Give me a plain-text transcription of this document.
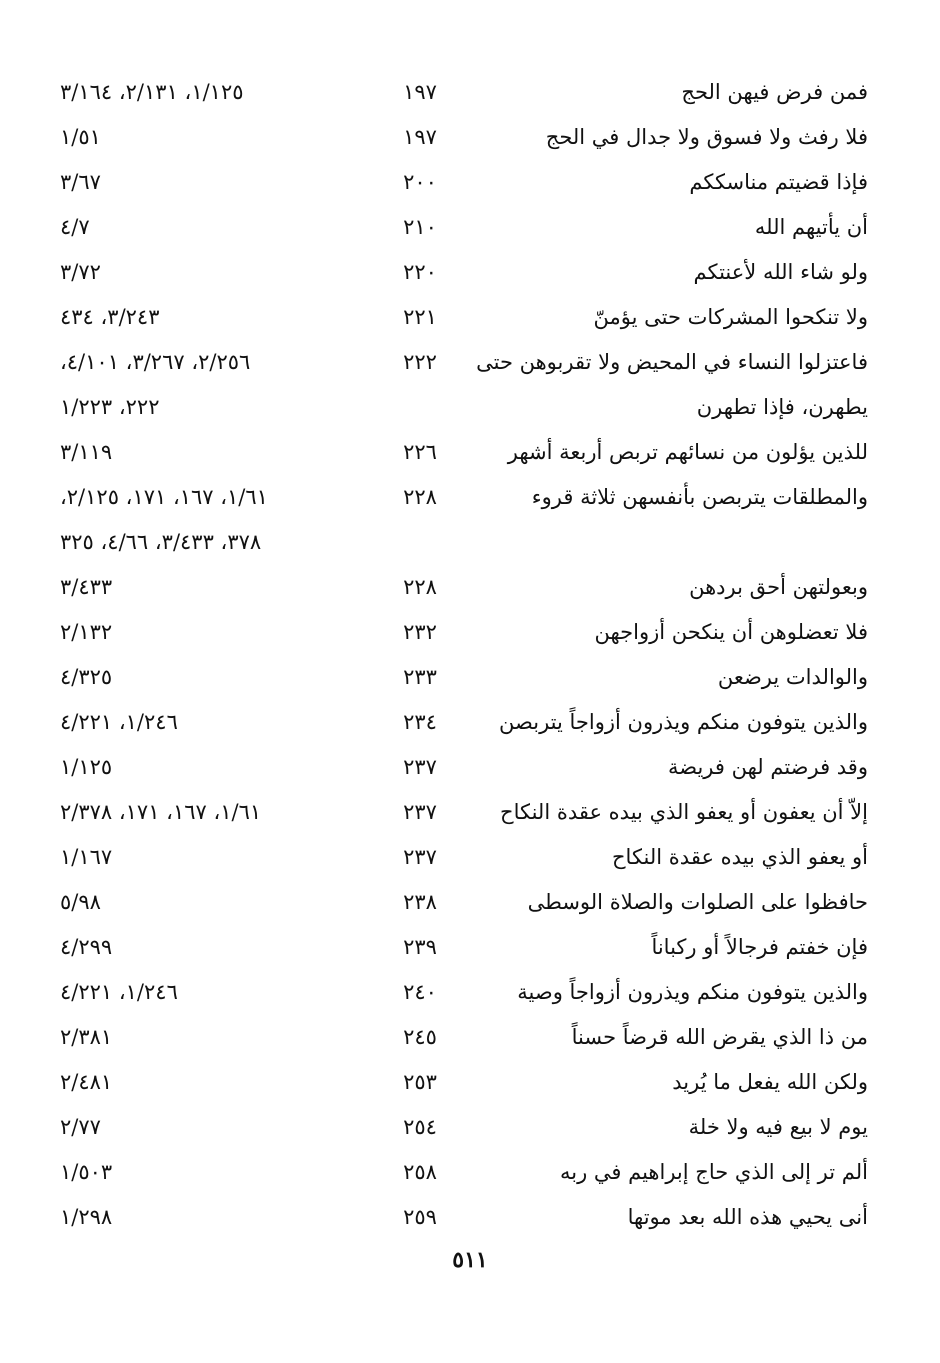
فمن فرض فيهن الحج
١٩٧
١/١٢٥، ٢/١٣١، ٣/١٦٤
فلا رفث ولا فسوق ولا جدال في الحج
١٩٧
١/٥١
فإذا قضيتم مناسككم
٢٠٠
٣/٦٧
أن يأتيهم الله
٢١٠
٤/٧
ولو شاء الله لأعنتكم
٢٢٠
٣/٧٢
ولا تنكحوا المشركات حتى يؤمنّ
٢٢١
٣/٢٤٣، ٤٣٤
فاعتزلوا النساء في المحيض ولا تقربوهن حتى
٢٢٢
٢/٢٥٦، ٣/٢٦٧، ٤/١٠١،
يطهرن، فإذا تطهرن
٢٢٢، ١/٢٢٣
للذين يؤلون من نسائهم تربص أربعة أشهر
٢٢٦
٣/١١٩
والمطلقات يتربصن بأنفسهن ثلاثة قروء
٢٢٨
١/٦١، ١٦٧، ١٧١، ٢/١٢٥،
٣٧٨، ٣/٤٣٣، ٤/٦٦، ٣٢٥
وبعولتهن أحق بردهن
٢٢٨
٣/٤٣٣
فلا تعضلوهن أن ينكحن أزواجهن
٢٣٢
٢/١٣٢
والوالدات يرضعن
٢٣٣
٤/٣٢٥
والذين يتوفون منكم ويذرون أزواجاً يتربصن
٢٣٤
١/٢٤٦، ٤/٢٢١
وقد فرضتم لهن فريضة
٢٣٧
١/١٢٥
إلاّ أن يعفون أو يعفو الذي بيده عقدة النكاح
٢٣٧
١/٦١، ١٦٧، ١٧١، ٢/٣٧٨
أو يعفو الذي بيده عقدة النكاح
٢٣٧
١/١٦٧
حافظوا على الصلوات والصلاة الوسطى
٢٣٨
٥/٩٨
فإن خفتم فرجالاً أو ركباناً
٢٣٩
٤/٢٩٩
والذين يتوفون منكم ويذرون أزواجاً وصية
٢٤٠
١/٢٤٦، ٤/٢٢١
من ذا الذي يقرض الله قرضاً حسناً
٢٤٥
٢/٣٨١
ولكن الله يفعل ما يُريد
٢٥٣
٢/٤٨١
يوم لا بيع فيه ولا خلة
٢٥٤
٢/٧٧
ألم تر إلى الذي حاج إبراهيم في ربه
٢٥٨
١/٥٠٣
أنى يحيي هذه الله بعد موتها
٢٥٩
١/٢٩٨
٥١١
